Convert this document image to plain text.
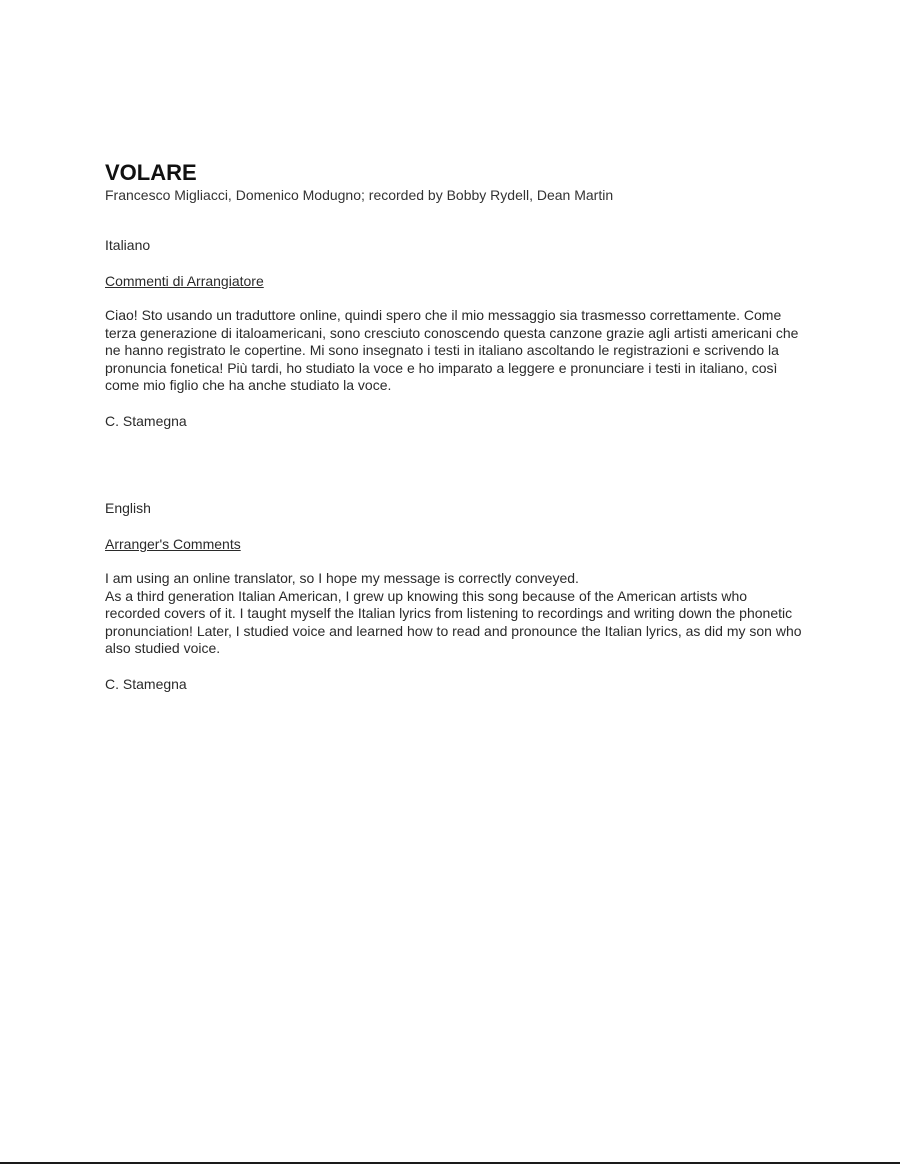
VOLARE

Francesco Migliacci, Domenico Modugno; recorded by Bobby Rydell, Dean Martin

Italiano

Commenti di Arrangiatore

Ciao! Sto usando un traduttore online, quindi spero che il mio messaggio sia trasmesso correttamente. Come terza generazione di italoamericani, sono cresciuto conoscendo questa canzone grazie agli artisti americani che ne hanno registrato le copertine. Mi sono insegnato i testi in italiano ascoltando le registrazioni e scrivendo la pronuncia fonetica! Più tardi, ho studiato la voce e ho imparato a leggere e pronunciare i testi in italiano, così come mio figlio che ha anche studiato la voce.

C. Stamegna

English

Arranger's Comments

I am using an online translator, so I hope my message is correctly conveyed.
As a third generation Italian American, I grew up knowing this song because of the American artists who recorded covers of it. I taught myself the Italian lyrics from listening to recordings and writing down the phonetic pronunciation! Later, I studied voice and learned how to read and pronounce the Italian lyrics, as did my son who also studied voice.

C. Stamegna
